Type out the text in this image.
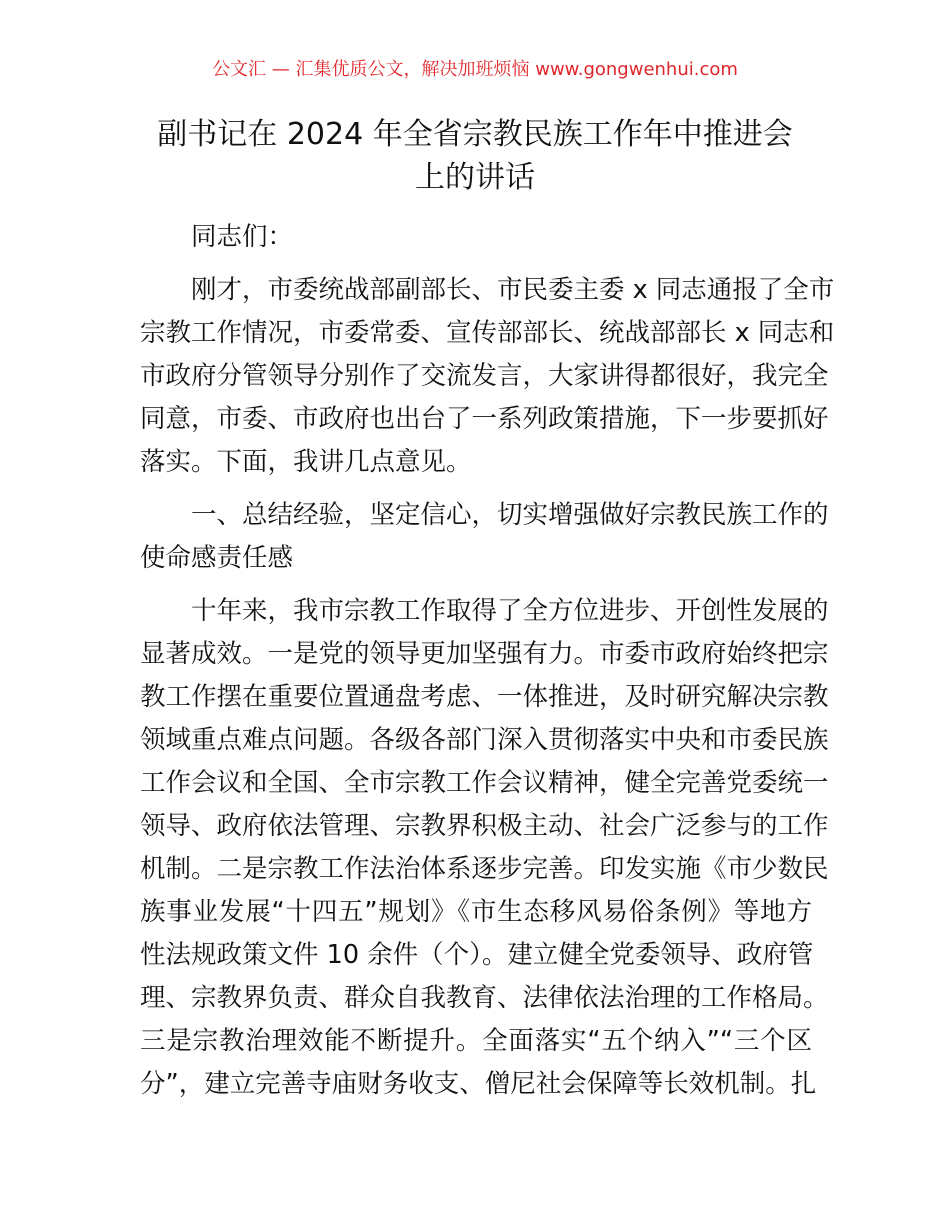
公文汇 — 汇集优质公文，解决加班烦恼 www.gongwenhui.com
副书记在 2024 年全省宗教民族工作年中推进会
上的讲话
同志们：
刚才，市委统战部副部长、市民委主委 x 同志通报了全市
宗教工作情况，市委常委、宣传部部长、统战部部长 x 同志和
市政府分管领导分别作了交流发言，大家讲得都很好，我完全
同意，市委、市政府也出台了一系列政策措施，下一步要抓好
落实。下面，我讲几点意见。
一、总结经验，坚定信心，切实增强做好宗教民族工作的
使命感责任感
十年来，我市宗教工作取得了全方位进步、开创性发展的
显著成效。一是党的领导更加坚强有力。市委市政府始终把宗
教工作摆在重要位置通盘考虑、一体推进，及时研究解决宗教
领域重点难点问题。各级各部门深入贯彻落实中央和市委民族
工作会议和全国、全市宗教工作会议精神，健全完善党委统一
领导、政府依法管理、宗教界积极主动、社会广泛参与的工作
机制。二是宗教工作法治体系逐步完善。印发实施《市少数民
族事业发展“十四五”规划》《市生态移风易俗条例》等地方
性法规政策文件 10 余件（个）。建立健全党委领导、政府管
理、宗教界负责、群众自我教育、法律依法治理的工作格局。
三是宗教治理效能不断提升。全面落实“五个纳入”“三个区
分”，建立完善寺庙财务收支、僧尼社会保障等长效机制。扎
